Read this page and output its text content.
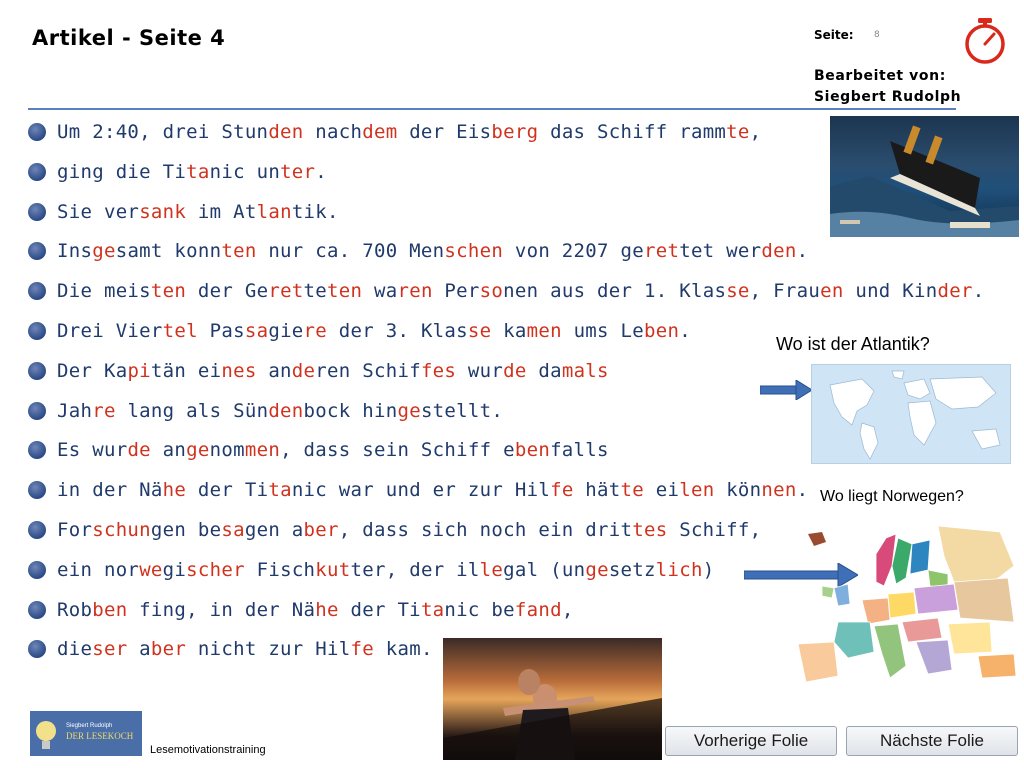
Artikel - Seite 4	Seite: 8
Bearbeitet von:
Siegbert Rudolph
Um 2:40, drei Stunden nachdem der Eisberg das Schiff rammte,
ging die Titanic unter.
Sie versank im Atlantik.
Insgesamt konnten nur ca. 700 Menschen von 2207 gerettet werden.
Die meisten der Geretteten waren Personen aus der 1. Klasse, Frauen und Kinder.
Drei Viertel Passagiere der 3. Klasse kamen ums Leben.
Der Kapitän eines anderen Schiffes wurde damals
Jahre lang als Sündenbock hingestellt.
Es wurde angenommen, dass sein Schiff ebenfalls
in der Nähe der Titanic war und er zur Hilfe hätte eilen können.
Forschungen besagen aber, dass sich noch ein drittes Schiff,
ein norwegischer Fischkutter, der illegal (ungesetzlich)
Robben fing, in der Nähe der Titanic befand,
dieser aber nicht zur Hilfe kam.
Wo ist der Atlantik?
Wo liegt Norwegen?
Siegbert Rudolph
DER LESEKOCH
Lesemotivationstraining	Vorherige Folie	Nächste Folie
